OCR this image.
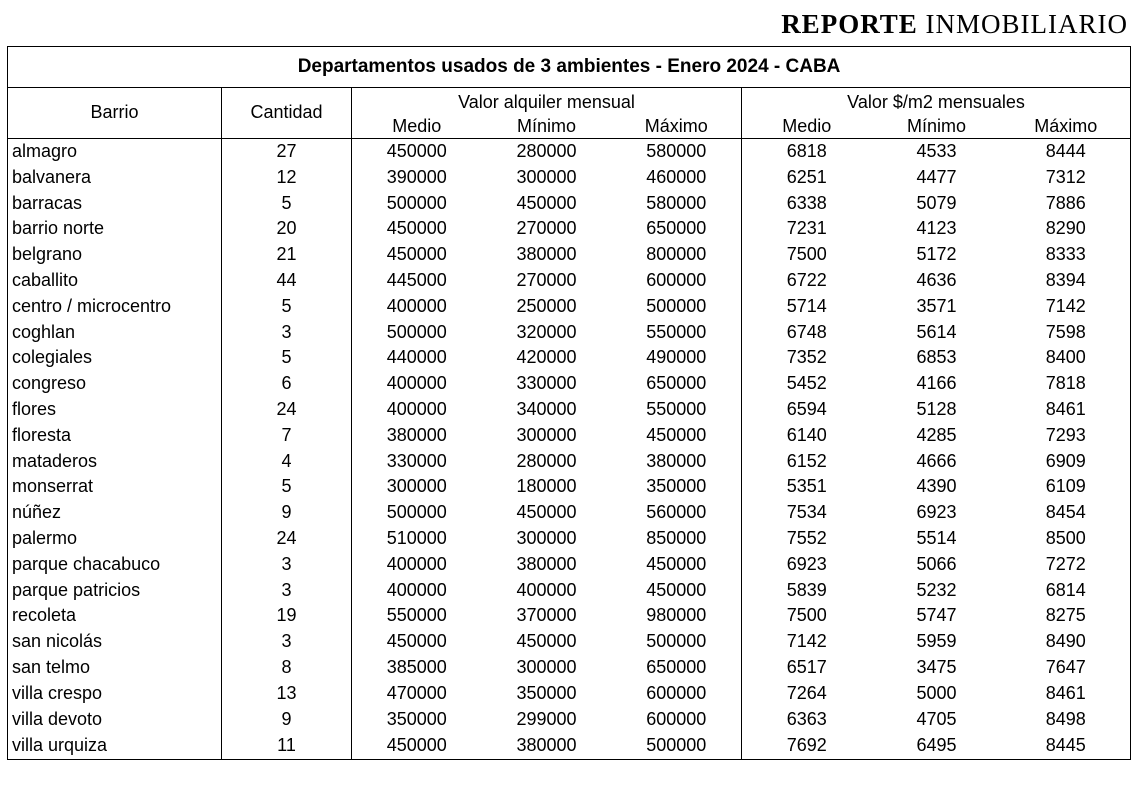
REPORTE INMOBILIARIO
Departamentos usados de 3 ambientes - Enero 2024 - CABA							
Barrio	Cantidad	Valor alquiler mensual			Valor $/m2 mensuales		
		Medio	Mínimo	Máximo	Medio	Mínimo	Máximo
almagro	27	450000	280000	580000	6818	4533	8444
balvanera	12	390000	300000	460000	6251	4477	7312
barracas	5	500000	450000	580000	6338	5079	7886
barrio norte	20	450000	270000	650000	7231	4123	8290
belgrano	21	450000	380000	800000	7500	5172	8333
caballito	44	445000	270000	600000	6722	4636	8394
centro / microcentro	5	400000	250000	500000	5714	3571	7142
coghlan	3	500000	320000	550000	6748	5614	7598
colegiales	5	440000	420000	490000	7352	6853	8400
congreso	6	400000	330000	650000	5452	4166	7818
flores	24	400000	340000	550000	6594	5128	8461
floresta	7	380000	300000	450000	6140	4285	7293
mataderos	4	330000	280000	380000	6152	4666	6909
monserrat	5	300000	180000	350000	5351	4390	6109
núñez	9	500000	450000	560000	7534	6923	8454
palermo	24	510000	300000	850000	7552	5514	8500
parque chacabuco	3	400000	380000	450000	6923	5066	7272
parque patricios	3	400000	400000	450000	5839	5232	6814
recoleta	19	550000	370000	980000	7500	5747	8275
san nicolás	3	450000	450000	500000	7142	5959	8490
san telmo	8	385000	300000	650000	6517	3475	7647
villa crespo	13	470000	350000	600000	7264	5000	8461
villa devoto	9	350000	299000	600000	6363	4705	8498
villa urquiza	11	450000	380000	500000	7692	6495	8445
